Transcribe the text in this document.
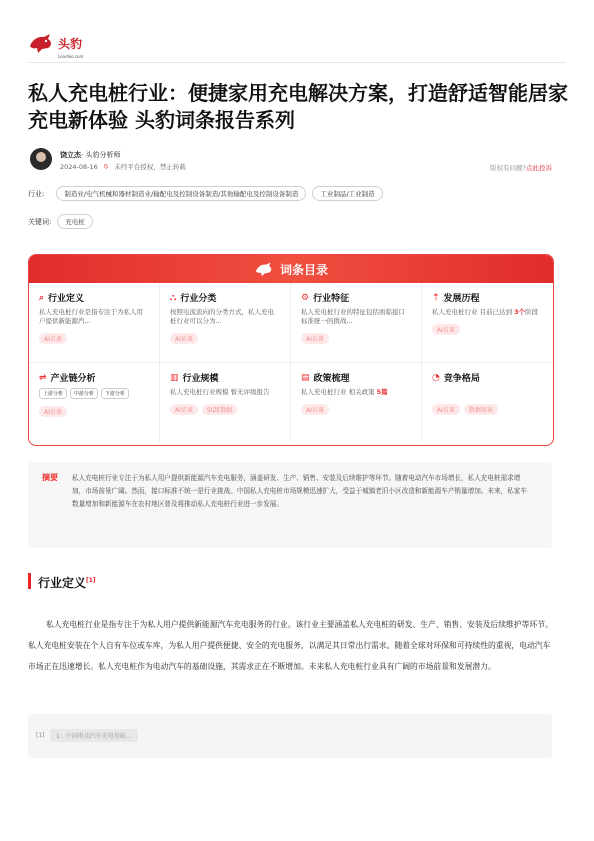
头豹
Leadleo.com
私人充电桩行业：便捷家用充电解决方案，打造舒适智能居家充电新体验 头豹词条报告系列
饶立杰· 头豹分析师
2024-08-16 ⦸ 未经平台授权，禁止转载	版权有问题?点此投诉
行业:	制造业/电气机械和器材制造业/输配电及控制设备制造/其他输配电及控制设备制造	工业制品/工业制造
关键词:	充电桩
词条目录
⌕ 行业定义
私人充电桩行业是指专注于为私人用户提供新能源汽...
AI访谈
⛬ 行业分类
按照电流流向的分类方式，私人充电桩行业可以分为...
AI访谈
⚙ 行业特征
私人充电桩行业的特征包括面临接口标准统一的挑战...
AI访谈
⇡ 发展历程
私人充电桩行业 目前已达到 3个阶段
AI访谈
⇌ 产业链分析
上游分析	中游分析	下游分析
AI访谈
▥ 行业规模
私人充电桩行业规模 暂无评级报告
AI访谈 SIZE数据
▤ 政策梳理
私人充电桩行业 相关政策 5篇
AI访谈
◔ 竞争格局
AI访谈 数据图表
摘要	私人充电桩行业专注于为私人用户提供新能源汽车充电服务，涵盖研发、生产、销售、安装及后续维护等环节。随着电动汽车市场增长，私人充电桩需求增加，市场前景广阔。然而，接口标准不统一是行业挑战。中国私人充电桩市场规模迅速扩大，受益于城镇老旧小区改造和新能源车产销量增加。未来，私家车数量增加和新能源车在农村地区普及将推动私人充电桩行业进一步发展。
行业定义[1]
私人充电桩行业是指专注于为私人用户提供新能源汽车充电服务的行业。该行业主要涵盖私人充电桩的研发、生产、销售、安装及后续维护等环节。私人充电桩安装在个人自有车位或车库，为私人用户提供便捷、安全的充电服务，以满足其日常出行需求。随着全球对环保和可持续性的重视，电动汽车市场正在迅速增长。私人充电桩作为电动汽车的基础设施，其需求正在不断增加。未来私人充电桩行业具有广阔的市场前景和发展潜力。
[1]	1：中国电动汽车充电基础...
